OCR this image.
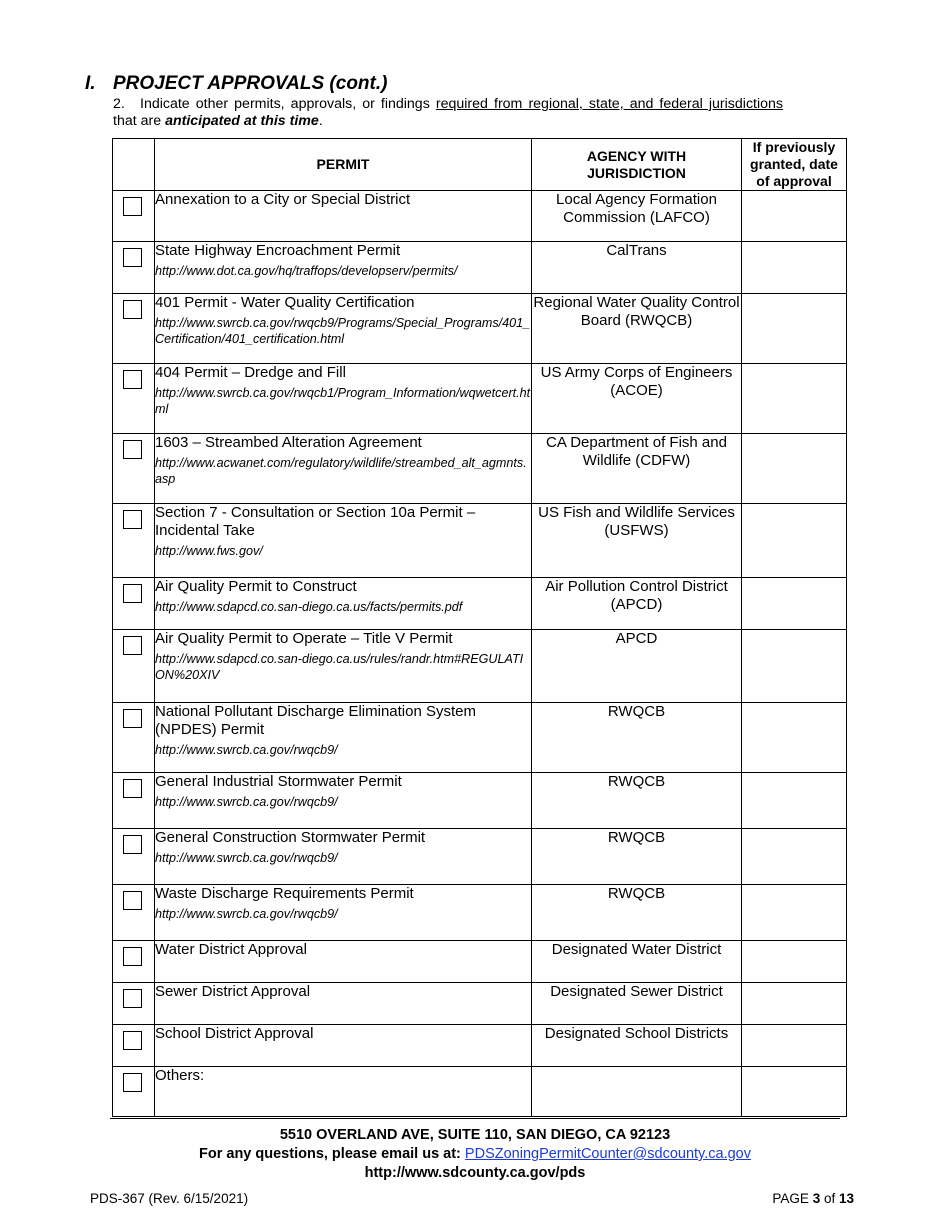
I. PROJECT APPROVALS (cont.)
2. Indicate other permits, approvals, or findings required from regional, state, and federal jurisdictions that are anticipated at this time.
	PERMIT	AGENCY WITH JURISDICTION	If previously granted, date of approval

	Annexation to a City or Special District	Local Agency Formation Commission (LAFCO)	

	State Highway Encroachment Permit
http://www.dot.ca.gov/hq/traffops/developserv/permits/	CalTrans	

	401 Permit - Water Quality Certification
http://www.swrcb.ca.gov/rwqcb9/Programs/Special_Programs/401_Certification/401_certification.html	Regional Water Quality Control Board (RWQCB)	

	404 Permit – Dredge and Fill
http://www.swrcb.ca.gov/rwqcb1/Program_Information/wqwetcert.html	US Army Corps of Engineers (ACOE)	

	1603 – Streambed Alteration Agreement
http://www.acwanet.com/regulatory/wildlife/streambed_alt_agmnts.asp	CA Department of Fish and Wildlife (CDFW)	

	Section 7 - Consultation or Section 10a Permit – Incidental Take
http://www.fws.gov/	US Fish and Wildlife Services (USFWS)	

	Air Quality Permit to Construct
http://www.sdapcd.co.san-diego.ca.us/facts/permits.pdf	Air Pollution Control District (APCD)	

	Air Quality Permit to Operate – Title V Permit
http://www.sdapcd.co.san-diego.ca.us/rules/randr.htm#REGULATION%20XIV	APCD	

	National Pollutant Discharge Elimination System (NPDES) Permit
http://www.swrcb.ca.gov/rwqcb9/	RWQCB	

	General Industrial Stormwater Permit
http://www.swrcb.ca.gov/rwqcb9/	RWQCB	

	General Construction Stormwater Permit
http://www.swrcb.ca.gov/rwqcb9/	RWQCB	

	Waste Discharge Requirements Permit
http://www.swrcb.ca.gov/rwqcb9/	RWQCB	

	Water District Approval	Designated Water District	

	Sewer District Approval	Designated Sewer District	

	School District Approval	Designated School Districts	

	Others:		

5510 OVERLAND AVE, SUITE 110, SAN DIEGO, CA 92123
For any questions, please email us at: PDSZoningPermitCounter@sdcounty.ca.gov
http://www.sdcounty.ca.gov/pds
PDS-367 (Rev. 6/15/2021)	PAGE 3 of 13
